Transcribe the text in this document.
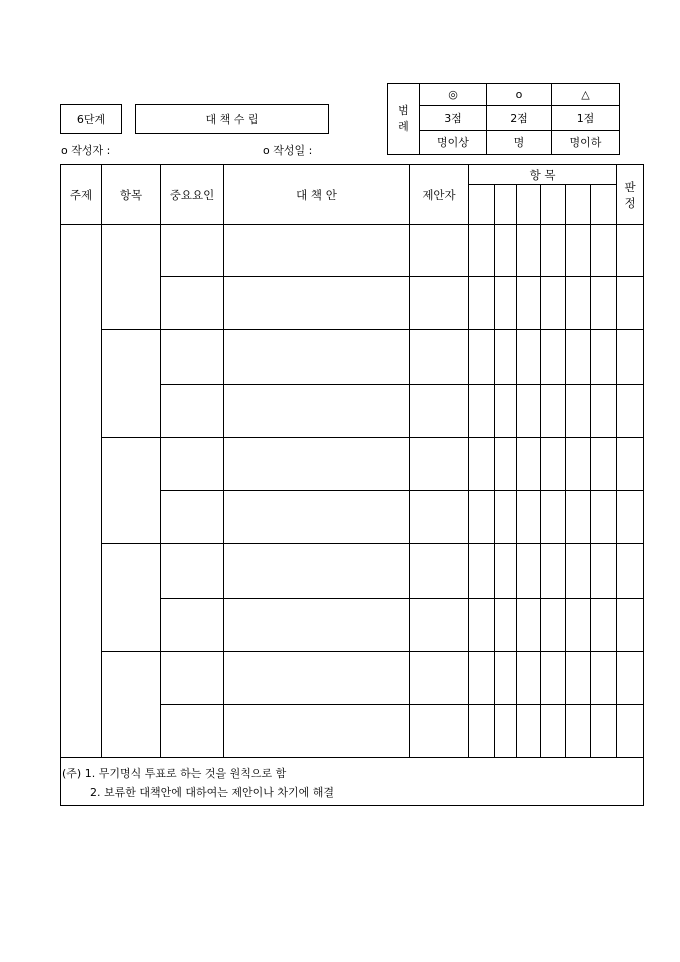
6단계	대 책 수 립
ο 작성자 :	ο 작성일 :
범
례	◎	ο	△
	3점	2점	1점
	명이상	명	명이하
주제	항목	중요요인	대 책 안	제안자	항 목						판
정

(주) 1. 무기명식 투표로 하는 것을 원칙으로 함
2. 보류한 대책안에 대하여는 제안이나 차기에 해결											
